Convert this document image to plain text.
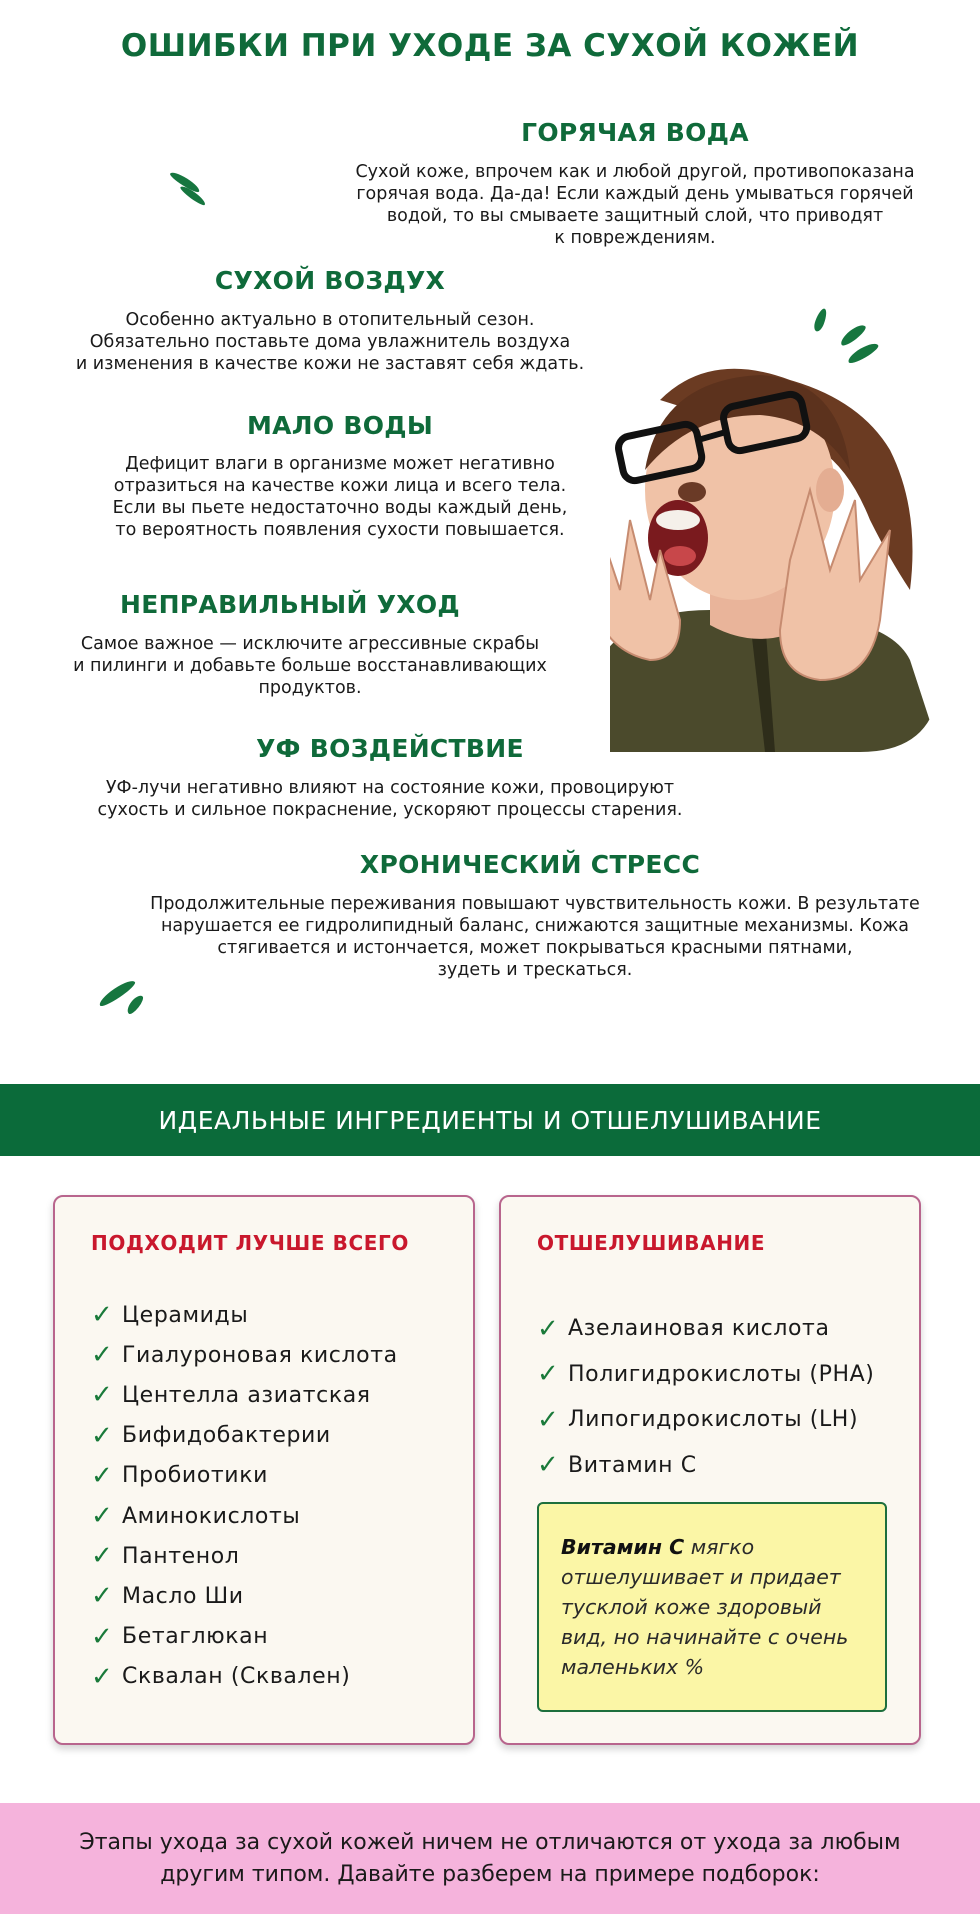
ОШИБКИ ПРИ УХОДЕ ЗА СУХОЙ КОЖЕЙ
ГОРЯЧАЯ ВОДА
Сухой коже, впрочем как и любой другой, противопоказана
горячая вода. Да-да! Если каждый день умываться горячей
водой, то вы смываете защитный слой, что приводят
к повреждениям.
СУХОЙ ВОЗДУХ
Особенно актуально в отопительный сезон.
Обязательно поставьте дома увлажнитель воздуха
и изменения в качестве кожи не заставят себя ждать.
МАЛО ВОДЫ
Дефицит влаги в организме может негативно
отразиться на качестве кожи лица и всего тела.
Если вы пьете недостаточно воды каждый день,
то вероятность появления сухости повышается.
НЕПРАВИЛЬНЫЙ УХОД
Самое важное — исключите агрессивные скрабы
и пилинги и добавьте больше восстанавливающих
продуктов.
УФ ВОЗДЕЙСТВИЕ
УФ-лучи негативно влияют на состояние кожи, провоцируют
сухость и сильное покраснение, ускоряют процессы старения.
ХРОНИЧЕСКИЙ СТРЕСС
Продолжительные переживания повышают чувствительность кожи. В результате
нарушается ее гидролипидный баланс, снижаются защитные механизмы. Кожа
стягивается и истончается, может покрываться красными пятнами,
зудеть и трескаться.
ИДЕАЛЬНЫЕ ИНГРЕДИЕНТЫ И ОТШЕЛУШИВАНИЕ
ПОДХОДИТ ЛУЧШЕ ВСЕГО
✓ Церамиды
✓ Гиалуроновая кислота
✓ Центелла азиатская
✓ Бифидобактерии
✓ Пробиотики
✓ Аминокислоты
✓ Пантенол
✓ Масло Ши
✓ Бетаглюкан
✓ Сквалан (Сквален)
ОТШЕЛУШИВАНИЕ
✓ Азелаиновая кислота
✓ Полигидрокислоты (PHA)
✓ Липогидрокислоты (LH)
✓ Витамин С
Витамин С мягко отшелушивает и придает тусклой коже здоровый вид, но начинайте с очень маленьких %
Этапы ухода за сухой кожей ничем не отличаются от ухода за любым
другим типом. Давайте разберем на примере подборок:
